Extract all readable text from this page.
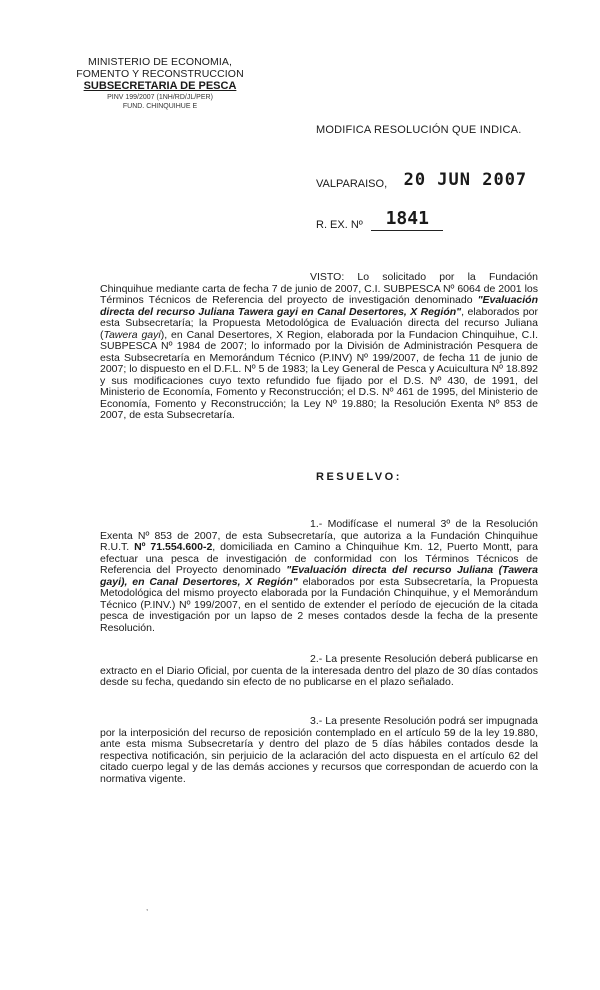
MINISTERIO DE ECONOMIA,
FOMENTO Y RECONSTRUCCION
SUBSECRETARIA DE PESCA
PINV 199/2007 (1NH/RD/JL/PER)
FUND. CHINQUIHUE E
MODIFICA RESOLUCIÓN QUE INDICA.
VALPARAISO, 20 JUN 2007
R. EX. Nº 1841
VISTO: Lo solicitado por la Fundación Chinquihue mediante carta de fecha 7 de junio de 2007, C.I. SUBPESCA Nº 6064 de 2001 los Términos Técnicos de Referencia del proyecto de investigación denominado "Evaluación directa del recurso Juliana Tawera gayi en Canal Desertores, X Región", elaborados por esta Subsecretaría; la Propuesta Metodológica de Evaluación directa del recurso Juliana (Tawera gayi), en Canal Desertores, X Region, elaborada por la Fundacion Chinquihue, C.I. SUBPESCA Nº 1984 de 2007; lo informado por la División de Administración Pesquera de esta Subsecretaría en Memorándum Técnico (P.INV) Nº 199/2007, de fecha 11 de junio de 2007; lo dispuesto en el D.F.L. Nº 5 de 1983; la Ley General de Pesca y Acuicultura Nº 18.892 y sus modificaciones cuyo texto refundido fue fijado por el D.S. Nº 430, de 1991, del Ministerio de Economía, Fomento y Reconstrucción; el D.S. Nº 461 de 1995, del Ministerio de Economía, Fomento y Reconstrucción; la Ley Nº 19.880; la Resolución Exenta Nº 853 de 2007, de esta Subsecretaría.
RESUELVO:
1.- Modifícase el numeral 3º de la Resolución Exenta Nº 853 de 2007, de esta Subsecretaría, que autoriza a la Fundación Chinquihue R.U.T. Nº 71.554.600-2, domiciliada en Camino a Chinquihue Km. 12, Puerto Montt, para efectuar una pesca de investigación de conformidad con los Términos Técnicos de Referencia del Proyecto denominado "Evaluación directa del recurso Juliana (Tawera gayi), en Canal Desertores, X Región" elaborados por esta Subsecretaría, la Propuesta Metodológica del mismo proyecto elaborada por la Fundación Chinquihue, y el Memorándum Técnico (P.INV.) Nº 199/2007, en el sentido de extender el período de ejecución de la citada pesca de investigación por un lapso de 2 meses contados desde la fecha de la presente Resolución.
2.- La presente Resolución deberá publicarse en extracto en el Diario Oficial, por cuenta de la interesada dentro del plazo de 30 días contados desde su fecha, quedando sin efecto de no publicarse en el plazo señalado.
3.- La presente Resolución podrá ser impugnada por la interposición del recurso de reposición contemplado en el artículo 59 de la ley 19.880, ante esta misma Subsecretaría y dentro del plazo de 5 días hábiles contados desde la respectiva notificación, sin perjuicio de la aclaración del acto dispuesta en el artículo 62 del citado cuerpo legal y de las demás acciones y recursos que correspondan de acuerdo con la normativa vigente.
,
